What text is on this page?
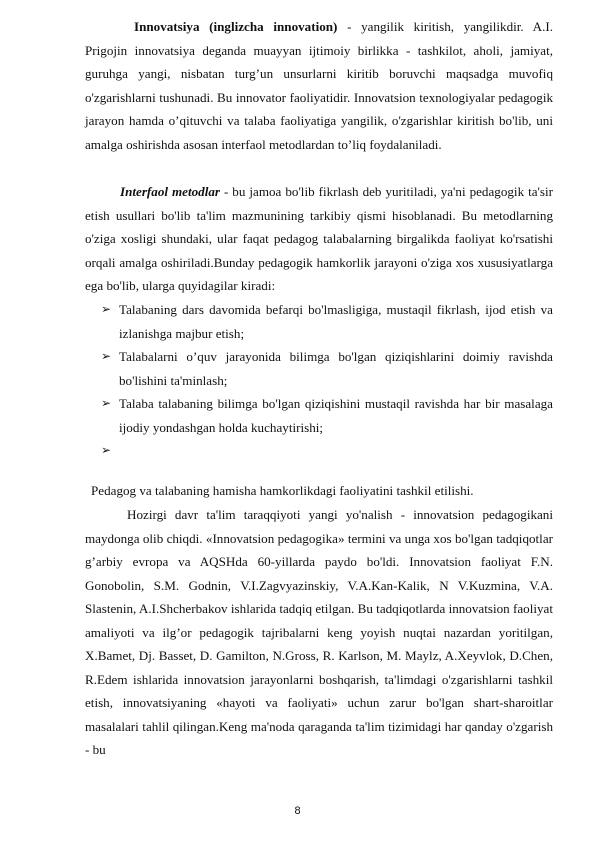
Innovatsiya (inglizcha innovation) - yangilik kiritish, yangilikdir. A.I. Prigojin innovatsiya deganda muayyan ijtimoiy birlikka - tashkilot, aholi, jamiyat, guruhga yangi, nisbatan turg’un unsurlarni kiritib boruvchi maqsadga muvofiq o'zgarishlarni tushunadi. Bu innovator faoliyatidir. Innovatsion texnologiyalar pedagogik jarayon hamda o’qituvchi va talaba faoliyatiga yangilik, o'zgarishlar kiritish bo'lib, uni amalga oshirishda asosan interfaol metodlardan to’liq foydalaniladi.

Interfaol metodlar - bu jamoa bo'lib fikrlash deb yuritiladi, ya'ni pedagogik ta'sir etish usullari bo'lib ta'lim mazmunining tarkibiy qismi hisoblanadi. Bu metodlarning o'ziga xosligi shundaki, ular faqat pedagog talabalarning birgalikda faoliyat ko'rsatishi orqali amalga oshiriladi.Bunday pedagogik hamkorlik jarayoni o'ziga xos xususiyatlarga ega bo'lib, ularga quyidagilar kiradi:

➢ Talabaning dars davomida befarqi bo'lmasligiga, mustaqil fikrlash, ijod etish va izlanishga majbur etish;
➢ Talabalarni o’quv jarayonida bilimga bo'lgan qiziqishlarini doimiy ravishda bo'lishini ta'minlash;
➢ Talaba talabaning bilimga bo'lgan qiziqishini mustaqil ravishda har bir masalaga ijodiy yondashgan holda kuchaytirishi;
➢
Pedagog va talabaning hamisha hamkorlikdagi faoliyatini tashkil etilishi.

Hozirgi davr ta'lim taraqqiyoti yangi yo'nalish - innovatsion pedagogikani maydonga olib chiqdi. «Innovatsion pedagogika» termini va unga xos bo'lgan tadqiqotlar g’arbiy evropa va AQSHda 60-yillarda paydo bo'ldi. Innovatsion faoliyat F.N. Gonobolin, S.M. Godnin, V.I.Zagvyazinskiy, V.A.Kan-Kalik, N V.Kuzmina, V.A. Slastenin, A.I.Shcherbakov ishlarida tadqiq etilgan. Bu tadqiqotlarda innovatsion faoliyat amaliyoti va ilg’or pedagogik tajribalarni keng yoyish nuqtai nazardan yoritilgan, X.Bamet, Dj. Basset, D. Gamilton, N.Gross, R. Karlson, M. Maylz, A.Xeyvlok, D.Chen, R.Edem ishlarida innovatsion jarayonlarni boshqarish, ta'limdagi o'zgarishlarni tashkil etish, innovatsiyaning «hayoti va faoliyati» uchun zarur bo'lgan shart-sharoitlar masalalari tahlil qilingan.Keng ma'noda qaraganda ta'lim tizimidagi har qanday o'zgarish - bu

8
